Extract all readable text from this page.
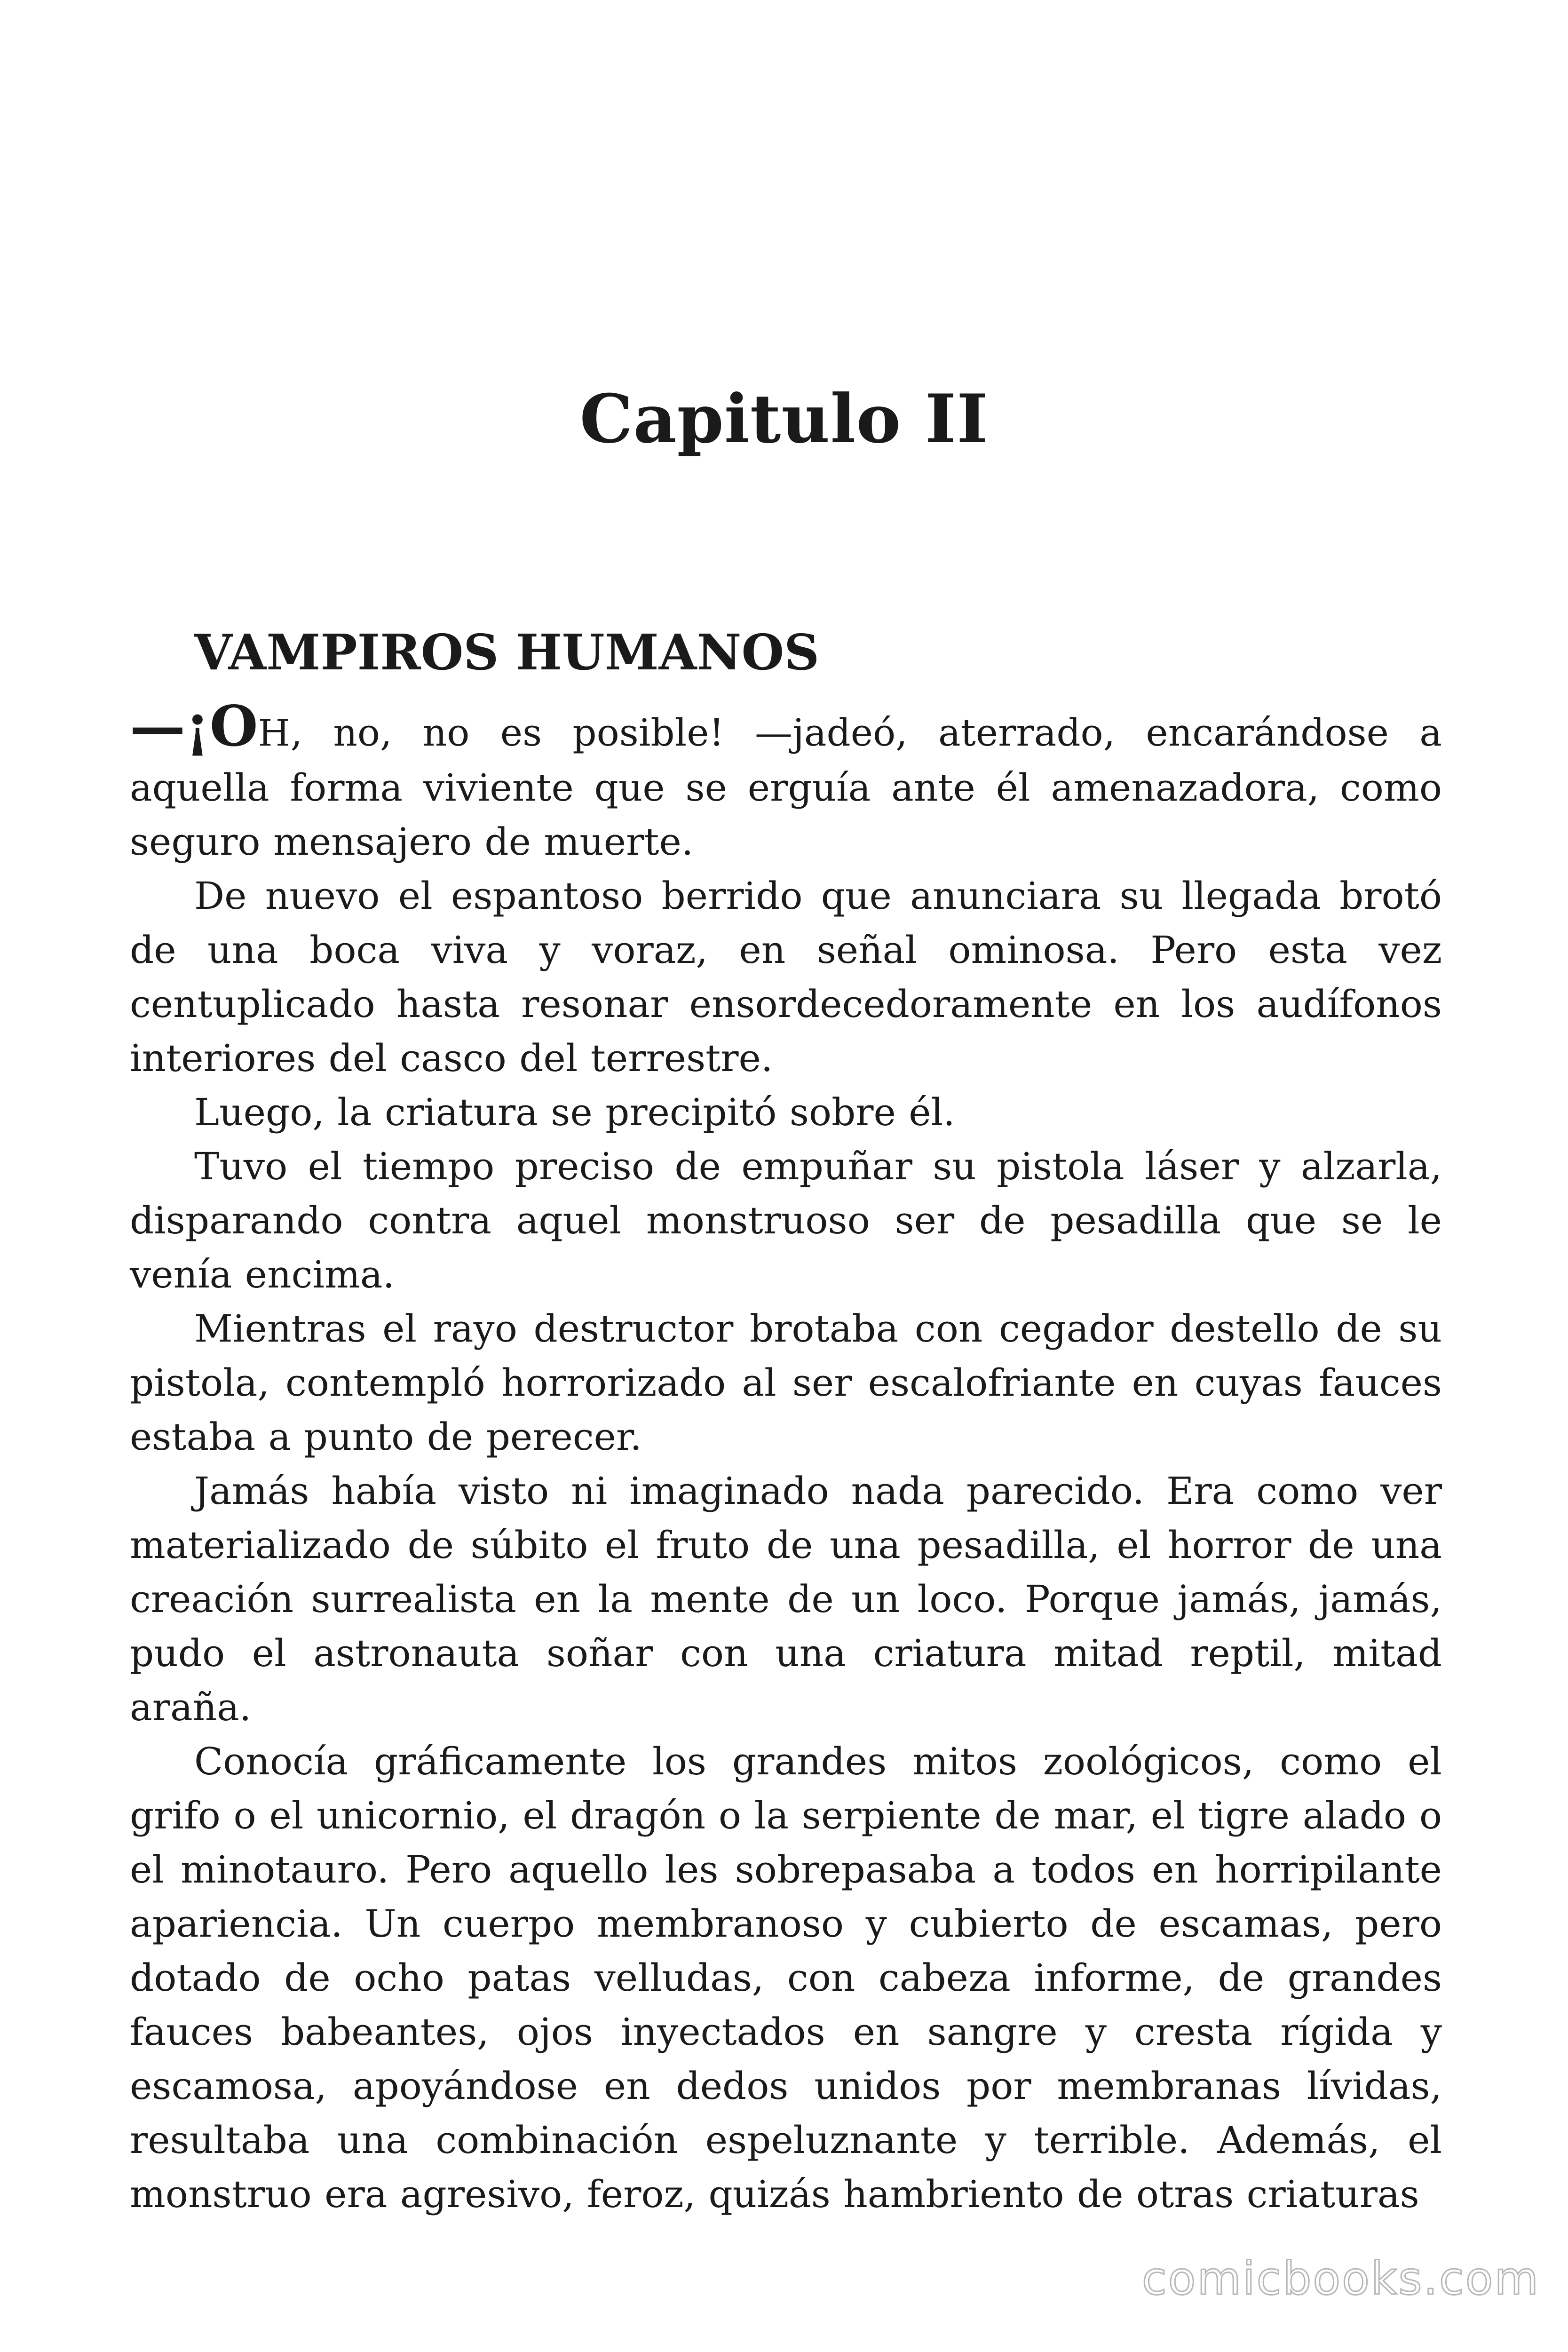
Capitulo II
VAMPIROS HUMANOS

—¡OH, no, no es posible! —jadeó, aterrado, encarándose a aquella forma viviente que se erguía ante él amenazadora, como seguro mensajero de muerte.

De nuevo el espantoso berrido que anunciara su llegada brotó de una boca viva y voraz, en señal ominosa. Pero esta vez centuplicado hasta resonar ensordecedoramente en los audífonos interiores del casco del terrestre.

Luego, la criatura se precipitó sobre él.

Tuvo el tiempo preciso de empuñar su pistola láser y alzarla, disparando contra aquel monstruoso ser de pesadilla que se le venía encima.

Mientras el rayo destructor brotaba con cegador destello de su pistola, contempló horrorizado al ser escalofriante en cuyas fauces estaba a punto de perecer.

Jamás había visto ni imaginado nada parecido. Era como ver materializado de súbito el fruto de una pesadilla, el horror de una creación surrealista en la mente de un loco. Porque jamás, jamás, pudo el astronauta soñar con una criatura mitad reptil, mitad araña.

Conocía gráficamente los grandes mitos zoológicos, como el grifo o el unicornio, el dragón o la serpiente de mar, el tigre alado o el minotauro. Pero aquello les sobrepasaba a todos en horripilante apariencia. Un cuerpo membranoso y cubierto de escamas, pero dotado de ocho patas velludas, con cabeza informe, de grandes fauces babeantes, ojos inyectados en sangre y cresta rígida y escamosa, apoyándose en dedos unidos por membranas lívidas, resultaba una combinación espeluznante y terrible. Además, el monstruo era agresivo, feroz, quizás hambriento de otras criaturas

comicbooks.com
